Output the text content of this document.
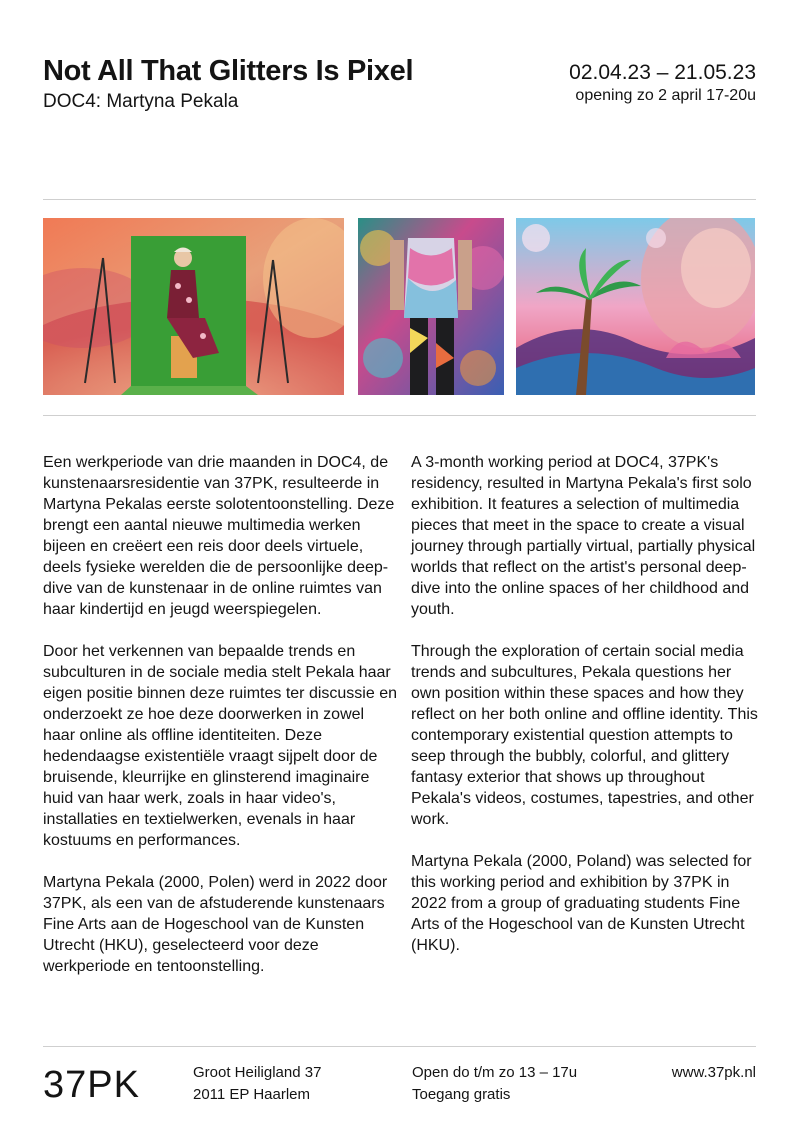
Not All That Glitters Is Pixel
DOC4: Martyna Pekala
02.04.23 – 21.05.23
opening zo 2 april 17-20u

Een werkperiode van drie maanden in DOC4, de kunstenaarsresidentie van 37PK, resulteerde in Martyna Pekalas eerste solotentoonstelling. Deze brengt een aantal nieuwe multimedia werken bijeen en creëert een reis door deels virtuele, deels fysieke werelden die de persoonlijke deep-dive van de kunstenaar in de online ruimtes van haar kindertijd en jeugd weerspiegelen.

Door het verkennen van bepaalde trends en subculturen in de sociale media stelt Pekala haar eigen positie binnen deze ruimtes ter discussie en onderzoekt ze hoe deze doorwerken in zowel haar online als offline identiteiten. Deze hedendaagse existentiële vraagt sijpelt door de bruisende, kleurrijke en glinsterend imaginaire huid van haar werk, zoals in haar video's, installaties en textielwerken, evenals in haar kostuums en performances.

Martyna Pekala (2000, Polen) werd in 2022 door 37PK, als een van de afstuderende kunstenaars Fine Arts aan de Hogeschool van de Kunsten Utrecht (HKU), geselecteerd voor deze werkperiode en tentoonstelling.

A 3-month working period at DOC4, 37PK's residency, resulted in Martyna Pekala's first solo exhibition. It features a selection of multimedia pieces that meet in the space to create a visual journey through partially virtual, partially physical worlds that reflect on the artist's personal deep-dive into the online spaces of her childhood and youth.

Through the exploration of certain social media trends and subcultures, Pekala questions her own position within these spaces and how they reflect on her both online and offline identity. This contemporary existential question attempts to seep through the bubbly, colorful, and glittery fantasy exterior that shows up throughout Pekala's videos, costumes, tapestries, and other work.

Martyna Pekala (2000, Poland) was selected for this working period and exhibition by 37PK in 2022 from a group of graduating students Fine Arts of the Hogeschool van de Kunsten Utrecht (HKU).

37PK	Groot Heiligland 37
2011 EP Haarlem
Open do t/m zo 13 – 17u
Toegang gratis
www.37pk.nl
